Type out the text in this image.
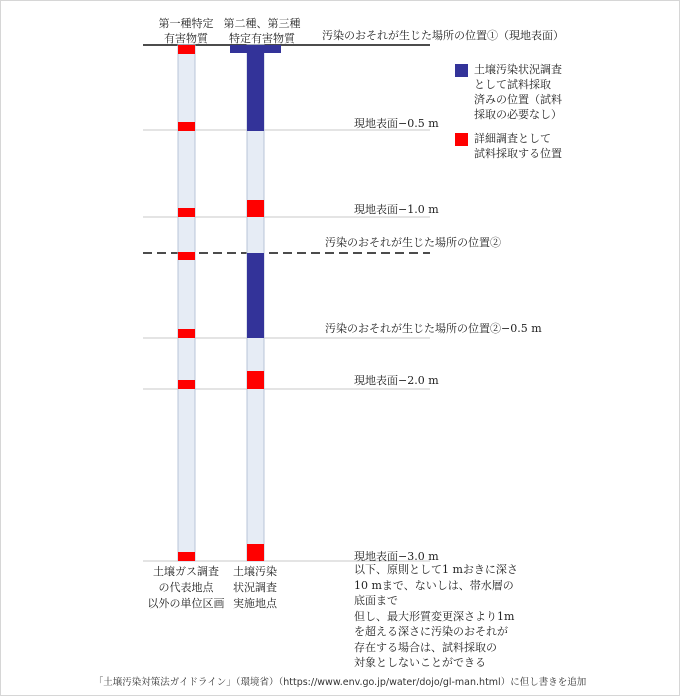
第一種特定
有害物質
第二種、第三種
特定有害物質	汚染のおそれが生じた場所の位置①（現地表面）
現地表面−0.5 m
現地表面−1.0 m
汚染のおそれが生じた場所の位置②
汚染のおそれが生じた場所の位置②−0.5 m
現地表面−2.0 m
現地表面−3.0 m
以下、原則として1 mおきに深さ
10 mまで、ないしは、帯水層の
底面まで
但し、最大形質変更深さより1m
を超える深さに汚染のおそれが
存在する場合は、試料採取の
対象としないことができる
土壌汚染状況調査
として試料採取
済みの位置（試料
採取の必要なし）
詳細調査として
試料採取する位置
土壌ガス調査
の代表地点
以外の単位区画
土壌汚染
状況調査
実施地点
「土壌汚染対策法ガイドライン」（環境省）（https://www.env.go.jp/water/dojo/gl-man.html）に但し書きを追加
